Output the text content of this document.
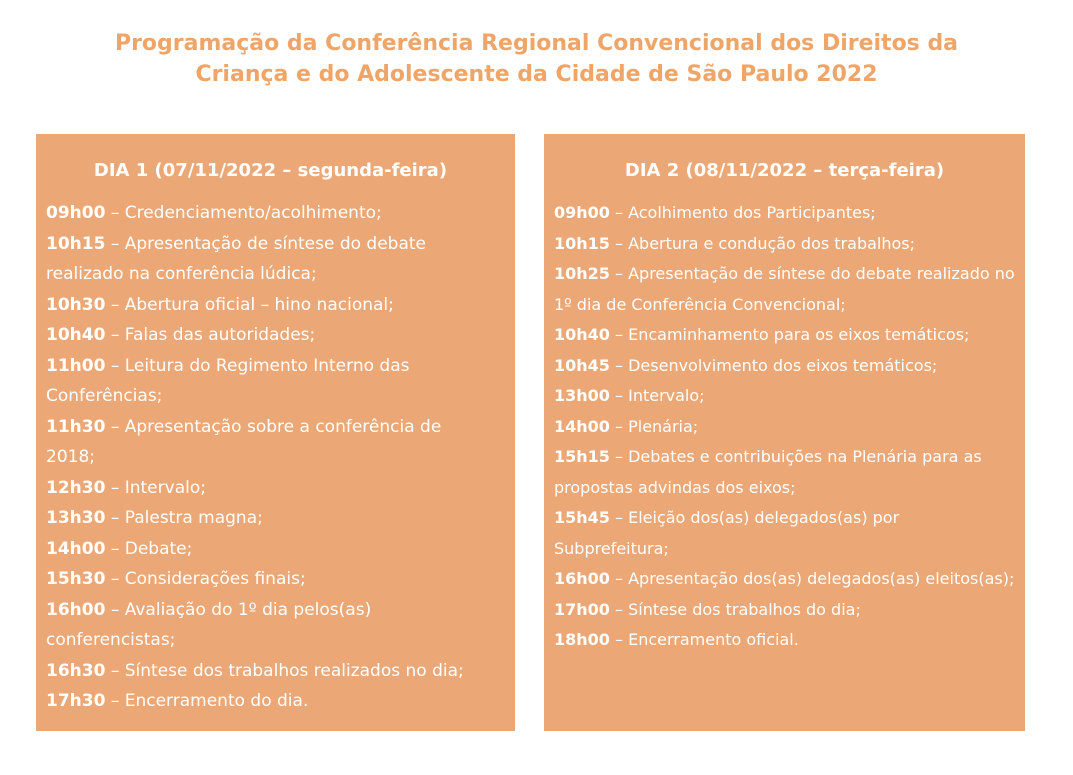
Programação da Conferência Regional Convencional dos Direitos da Criança e do Adolescente da Cidade de São Paulo 2022
DIA 1 (07/11/2022 – segunda-feira)
09h00 – Credenciamento/acolhimento;
10h15 – Apresentação de síntese do debate realizado na conferência lúdica;
10h30 – Abertura oficial – hino nacional;
10h40 – Falas das autoridades;
11h00 – Leitura do Regimento Interno das Conferências;
11h30 – Apresentação sobre a conferência de 2018;
12h30 – Intervalo;
13h30 – Palestra magna;
14h00 – Debate;
15h30 – Considerações finais;
16h00 – Avaliação do 1º dia pelos(as) conferencistas;
16h30 – Síntese dos trabalhos realizados no dia;
17h30 – Encerramento do dia.
DIA 2 (08/11/2022 – terça-feira)
09h00 – Acolhimento dos Participantes;
10h15 – Abertura e condução dos trabalhos;
10h25 – Apresentação de síntese do debate realizado no 1º dia de Conferência Convencional;
10h40 – Encaminhamento para os eixos temáticos;
10h45 – Desenvolvimento dos eixos temáticos;
13h00 – Intervalo;
14h00 – Plenária;
15h15 – Debates e contribuições na Plenária para as propostas advindas dos eixos;
15h45 – Eleição dos(as) delegados(as) por Subprefeitura;
16h00 – Apresentação dos(as) delegados(as) eleitos(as);
17h00 – Síntese dos trabalhos do dia;
18h00 – Encerramento oficial.
